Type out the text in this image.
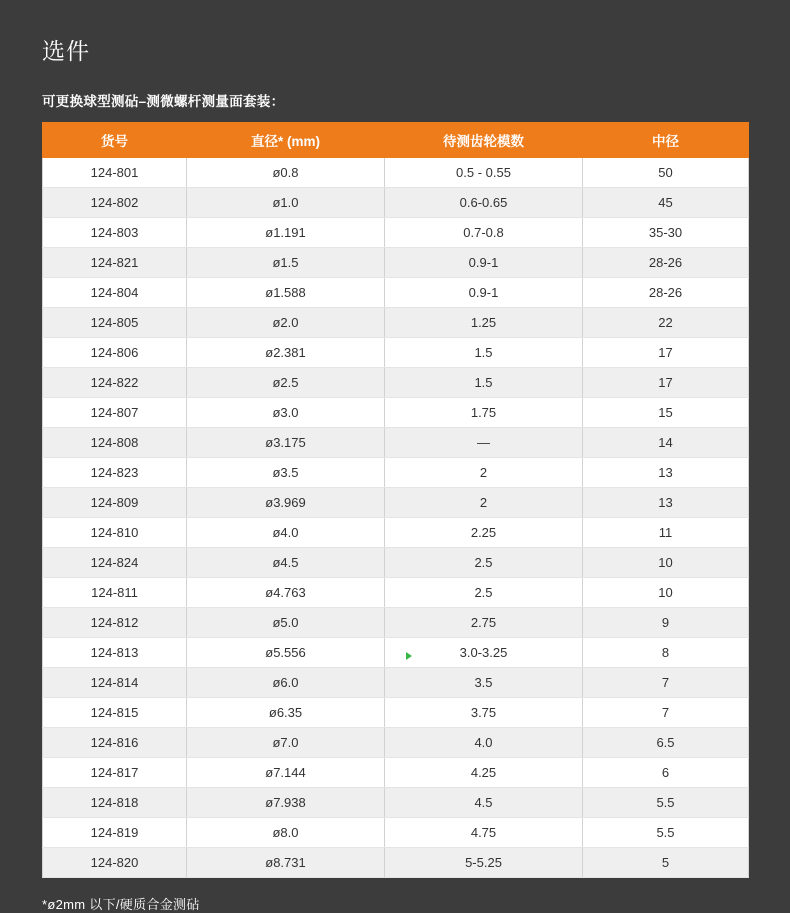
选件
可更换球型测砧–测微螺杆测量面套装：
货号	直径* (mm)	待测齿轮模数	中径
124-801	ø0.8	0.5 - 0.55	50
124-802	ø1.0	0.6-0.65	45
124-803	ø1.191	0.7-0.8	35-30
124-821	ø1.5	0.9-1	28-26
124-804	ø1.588	0.9-1	28-26
124-805	ø2.0	1.25	22
124-806	ø2.381	1.5	17
124-822	ø2.5	1.5	17
124-807	ø3.0	1.75	15
124-808	ø3.175	—	14
124-823	ø3.5	2	13
124-809	ø3.969	2	13
124-810	ø4.0	2.25	11
124-824	ø4.5	2.5	10
124-811	ø4.763	2.5	10
124-812	ø5.0	2.75	9
124-813	ø5.556	3.0-3.25	8
124-814	ø6.0	3.5	7
124-815	ø6.35	3.75	7
124-816	ø7.0	4.0	6.5
124-817	ø7.144	4.25	6
124-818	ø7.938	4.5	5.5
124-819	ø8.0	4.75	5.5
124-820	ø8.731	5-5.25	5
*ø2mm 以下/硬质合金测砧
